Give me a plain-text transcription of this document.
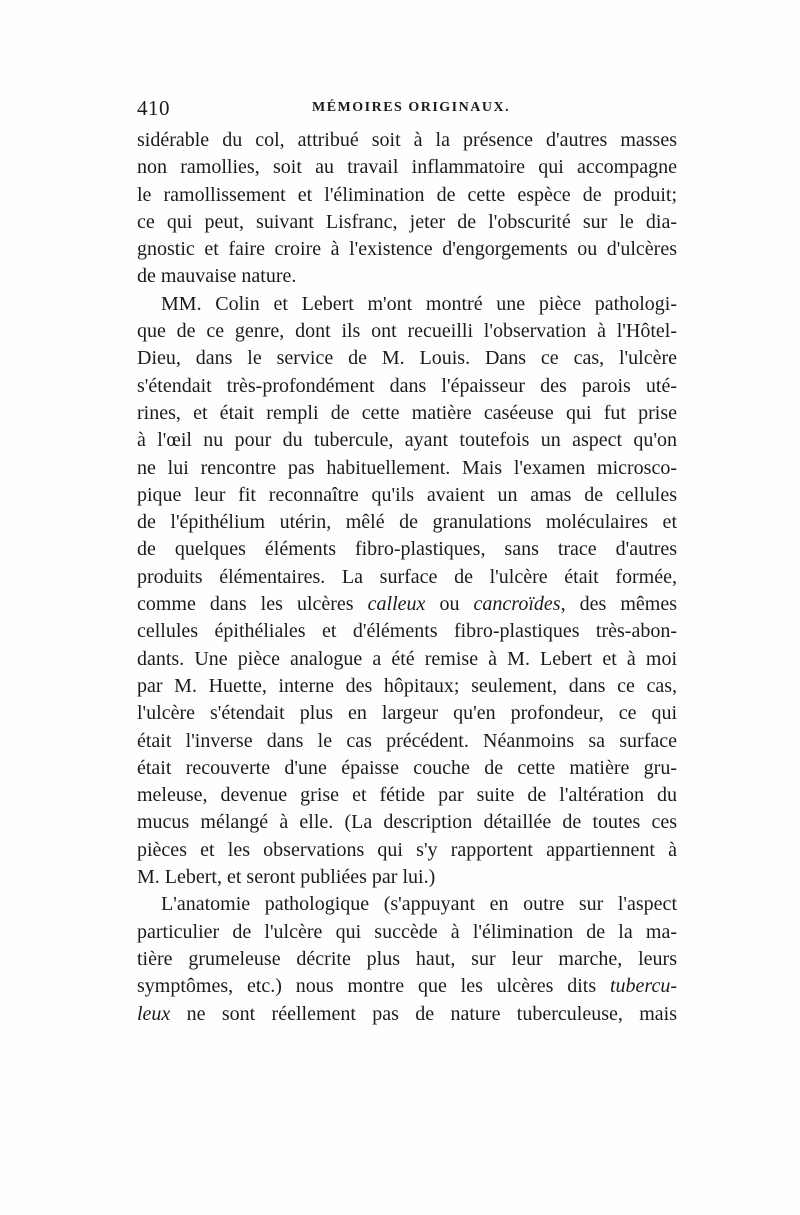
410	MÉMOIRES ORIGINAUX.
sidérable du col, attribué soit à la présence d'autres masses
non ramollies, soit au travail inflammatoire qui accompagne
le ramollissement et l'élimination de cette espèce de produit;
ce qui peut, suivant Lisfranc, jeter de l'obscurité sur le dia-
gnostic et faire croire à l'existence d'engorgements ou d'ulcères
de mauvaise nature.
MM. Colin et Lebert m'ont montré une pièce pathologi-
que de ce genre, dont ils ont recueilli l'observation à l'Hôtel-
Dieu, dans le service de M. Louis. Dans ce cas, l'ulcère
s'étendait très-profondément dans l'épaisseur des parois uté-
rines, et était rempli de cette matière caséeuse qui fut prise
à l'œil nu pour du tubercule, ayant toutefois un aspect qu'on
ne lui rencontre pas habituellement. Mais l'examen microsco-
pique leur fit reconnaître qu'ils avaient un amas de cellules
de l'épithélium utérin, mêlé de granulations moléculaires et
de quelques éléments fibro-plastiques, sans trace d'autres
produits élémentaires. La surface de l'ulcère était formée,
comme dans les ulcères calleux ou cancroïdes, des mêmes
cellules épithéliales et d'éléments fibro-plastiques très-abon-
dants. Une pièce analogue a été remise à M. Lebert et à moi
par M. Huette, interne des hôpitaux; seulement, dans ce cas,
l'ulcère s'étendait plus en largeur qu'en profondeur, ce qui
était l'inverse dans le cas précédent. Néanmoins sa surface
était recouverte d'une épaisse couche de cette matière gru-
meleuse, devenue grise et fétide par suite de l'altération du
mucus mélangé à elle. (La description détaillée de toutes ces
pièces et les observations qui s'y rapportent appartiennent à
M. Lebert, et seront publiées par lui.)
L'anatomie pathologique (s'appuyant en outre sur l'aspect
particulier de l'ulcère qui succède à l'élimination de la ma-
tière grumeleuse décrite plus haut, sur leur marche, leurs
symptômes, etc.) nous montre que les ulcères dits tubercu-
leux ne sont réellement pas de nature tuberculeuse, mais
